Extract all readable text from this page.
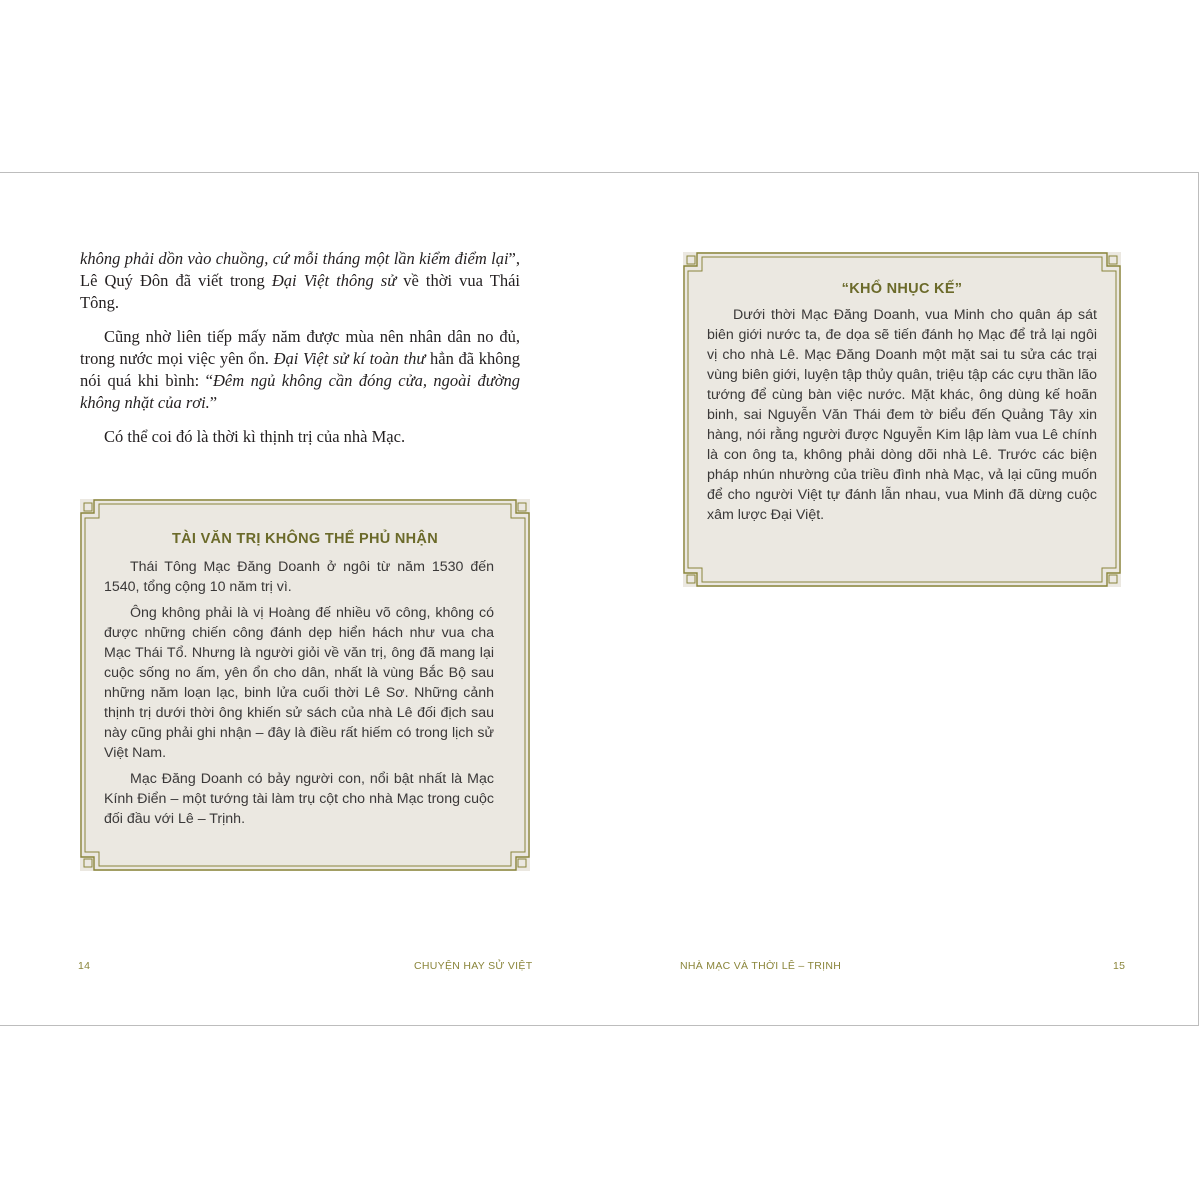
không phải dồn vào chuồng, cứ mỗi tháng một lần kiểm điểm lại”, Lê Quý Đôn đã viết trong Đại Việt thông sử về thời vua Thái Tông.

Cũng nhờ liên tiếp mấy năm được mùa nên nhân dân no đủ, trong nước mọi việc yên ổn. Đại Việt sử kí toàn thư hẳn đã không nói quá khi bình: “Đêm ngủ không cần đóng cửa, ngoài đường không nhặt của rơi.”

Có thể coi đó là thời kì thịnh trị của nhà Mạc.

TÀI VĂN TRỊ KHÔNG THỂ PHỦ NHẬN

Thái Tông Mạc Đăng Doanh ở ngôi từ năm 1530 đến 1540, tổng cộng 10 năm trị vì.

Ông không phải là vị Hoàng đế nhiều võ công, không có được những chiến công đánh dẹp hiển hách như vua cha Mạc Thái Tổ. Nhưng là người giỏi về văn trị, ông đã mang lại cuộc sống no ấm, yên ổn cho dân, nhất là vùng Bắc Bộ sau những năm loạn lạc, binh lửa cuối thời Lê Sơ. Những cảnh thịnh trị dưới thời ông khiến sử sách của nhà Lê đối địch sau này cũng phải ghi nhận – đây là điều rất hiếm có trong lịch sử Việt Nam.

Mạc Đăng Doanh có bảy người con, nổi bật nhất là Mạc Kính Điển – một tướng tài làm trụ cột cho nhà Mạc trong cuộc đối đầu với Lê – Trịnh.

“KHỔ NHỤC KẾ”

Dưới thời Mạc Đăng Doanh, vua Minh cho quân áp sát biên giới nước ta, đe dọa sẽ tiến đánh họ Mạc để trả lại ngôi vị cho nhà Lê. Mạc Đăng Doanh một mặt sai tu sửa các trại vùng biên giới, luyện tập thủy quân, triệu tập các cựu thần lão tướng để cùng bàn việc nước. Mặt khác, ông dùng kế hoãn binh, sai Nguyễn Văn Thái đem tờ biểu đến Quảng Tây xin hàng, nói rằng người được Nguyễn Kim lập làm vua Lê chính là con ông ta, không phải dòng dõi nhà Lê. Trước các biện pháp nhún nhường của triều đình nhà Mạc, vả lại cũng muốn để cho người Việt tự đánh lẫn nhau, vua Minh đã dừng cuộc xâm lược Đại Việt.

14	CHUYỆN HAY SỬ VIỆT	NHÀ MẠC VÀ THỜI LÊ – TRỊNH	15
